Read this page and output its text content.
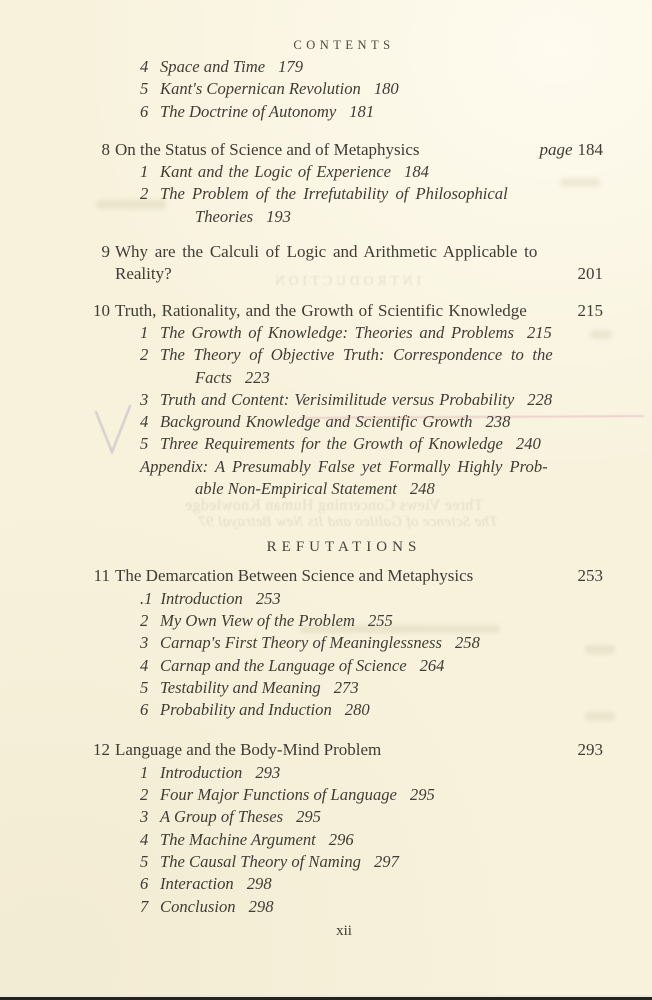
INTRODUCTION
Three Views Concerning Human Knowledge
The Science of Galileo and Its New Betrayal 97
CONTENTS
4 Space and Time 179
5 Kant's Copernican Revolution 180
6 The Doctrine of Autonomy 181
8 On the Status of Science and of Metaphysics	page 184
1 Kant and the Logic of Experience 184
2 The Problem of the Irrefutability of Philosophical
Theories 193
9 Why are the Calculi of Logic and Arithmetic Applicable to
Reality?	201
10 Truth, Rationality, and the Growth of Scientific Knowledge	215
1 The Growth of Knowledge: Theories and Problems 215
2 The Theory of Objective Truth: Correspondence to the
Facts 223
3 Truth and Content: Verisimilitude versus Probability 228
4 Background Knowledge and Scientific Growth 238
5 Three Requirements for the Growth of Knowledge 240
Appendix: A Presumably False yet Formally Highly Prob-
able Non-Empirical Statement 248
REFUTATIONS
11 The Demarcation Between Science and Metaphysics	253
.1 Introduction 253
2 My Own View of the Problem 255
3 Carnap's First Theory of Meaninglessness 258
4 Carnap and the Language of Science 264
5 Testability and Meaning 273
6 Probability and Induction 280
12 Language and the Body-Mind Problem	293
1 Introduction 293
2 Four Major Functions of Language 295
3 A Group of Theses 295
4 The Machine Argument 296
5 The Causal Theory of Naming 297
6 Interaction 298
7 Conclusion 298
xii
